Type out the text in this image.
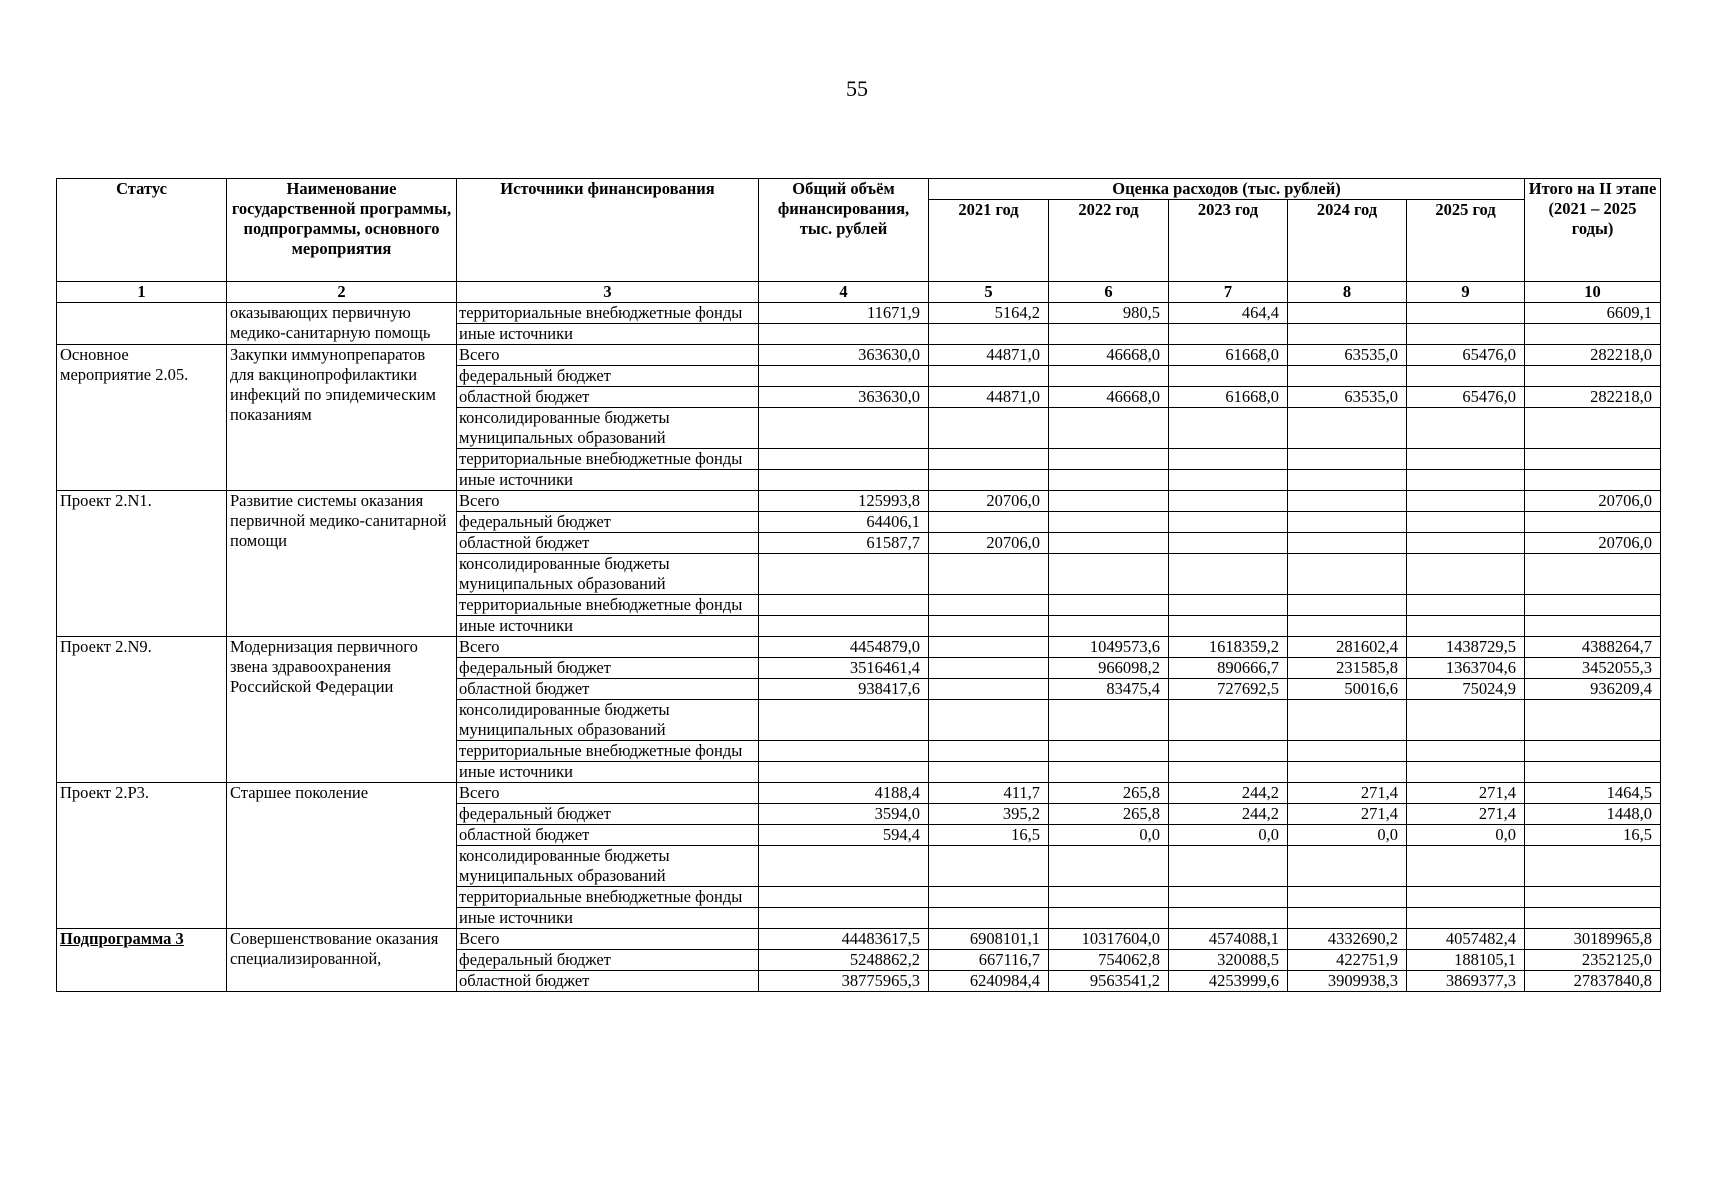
55
Статус	Наименование государственной программы, подпрограммы, основного мероприятия	Источники финансирования	Общий объём финансирования, тыс. рублей	Оценка расходов (тыс. рублей)					Итого на II этапе (2021 – 2025 годы)
				2021 год	2022 год	2023 год	2024 год	2025 год	
1	2	3	4	5	6	7	8	9	10
	оказывающих первичную медико-санитарную помощь	территориальные внебюджетные фонды	11671,9	5164,2	980,5	464,4			6609,1
		иные источники							
Основное мероприятие 2.05.	Закупки иммунопрепаратов для вакцинопрофилактики инфекций по эпидемическим показаниям	Всего	363630,0	44871,0	46668,0	61668,0	63535,0	65476,0	282218,0
		федеральный бюджет							
		областной бюджет	363630,0	44871,0	46668,0	61668,0	63535,0	65476,0	282218,0
		консолидированные бюджеты муниципальных образований							
		территориальные внебюджетные фонды							
		иные источники							
Проект 2.N1.	Развитие системы оказания первичной медико-санитарной помощи	Всего	125993,8	20706,0					20706,0
		федеральный бюджет	64406,1						
		областной бюджет	61587,7	20706,0					20706,0
		консолидированные бюджеты муниципальных образований							
		территориальные внебюджетные фонды							
		иные источники							
Проект 2.N9.	Модернизация первичного звена здравоохранения Российской Федерации	Всего	4454879,0		1049573,6	1618359,2	281602,4	1438729,5	4388264,7
		федеральный бюджет	3516461,4		966098,2	890666,7	231585,8	1363704,6	3452055,3
		областной бюджет	938417,6		83475,4	727692,5	50016,6	75024,9	936209,4
		консолидированные бюджеты муниципальных образований							
		территориальные внебюджетные фонды							
		иные источники							
Проект 2.Р3.	Старшее поколение	Всего	4188,4	411,7	265,8	244,2	271,4	271,4	1464,5
		федеральный бюджет	3594,0	395,2	265,8	244,2	271,4	271,4	1448,0
		областной бюджет	594,4	16,5	0,0	0,0	0,0	0,0	16,5
		консолидированные бюджеты муниципальных образований							
		территориальные внебюджетные фонды							
		иные источники							
Подпрограмма 3	Совершенствование оказания специализированной,	Всего	44483617,5	6908101,1	10317604,0	4574088,1	4332690,2	4057482,4	30189965,8
		федеральный бюджет	5248862,2	667116,7	754062,8	320088,5	422751,9	188105,1	2352125,0
		областной бюджет	38775965,3	6240984,4	9563541,2	4253999,6	3909938,3	3869377,3	27837840,8
